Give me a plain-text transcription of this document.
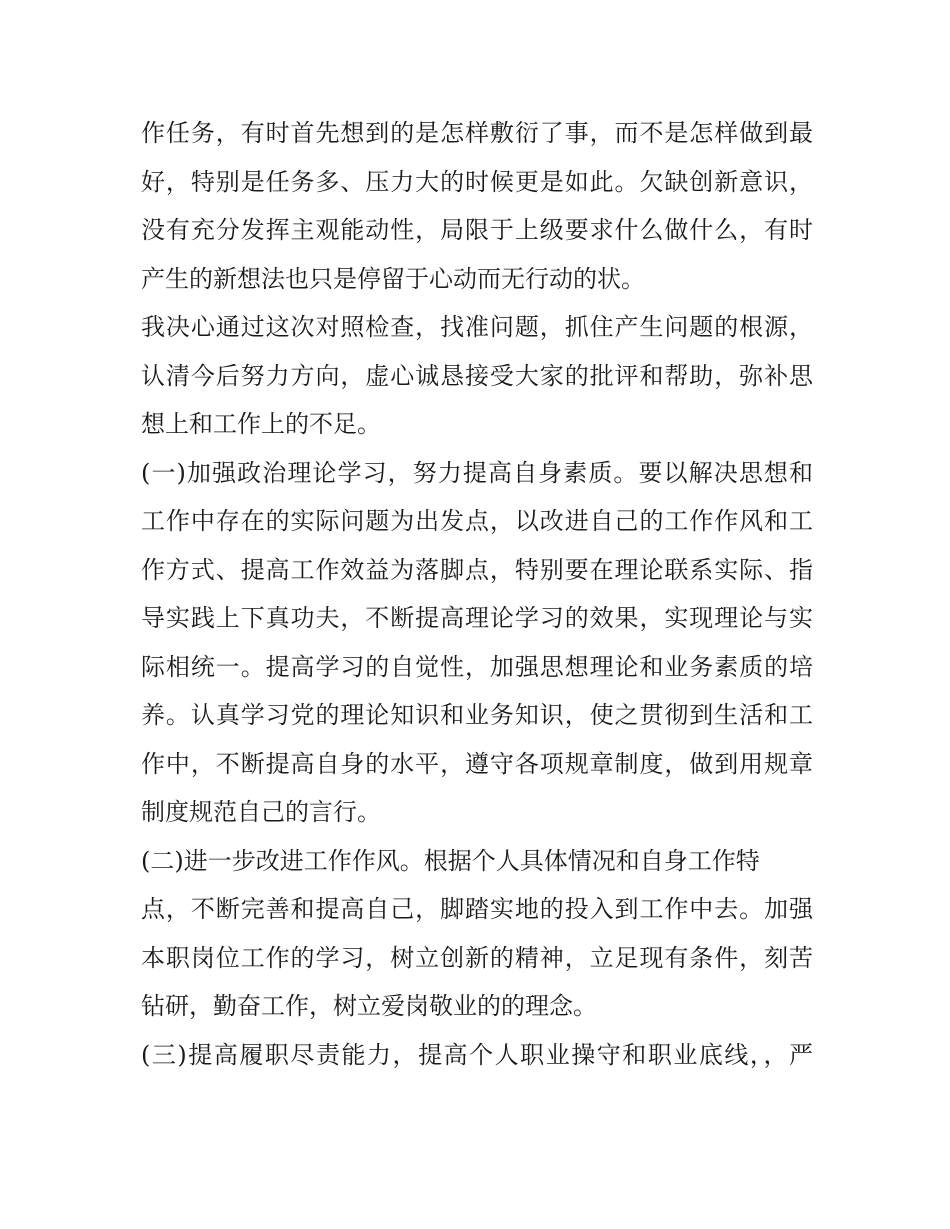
作任务，有时首先想到的是怎样敷衍了事，而不是怎样做到最
好，特别是任务多、压力大的时候更是如此。欠缺创新意识，
没有充分发挥主观能动性，局限于上级要求什么做什么，有时
产生的新想法也只是停留于心动而无行动的状。
我决心通过这次对照检查，找准问题，抓住产生问题的根源，
认清今后努力方向，虚心诚恳接受大家的批评和帮助，弥补思
想上和工作上的不足。
(一)加强政治理论学习，努力提高自身素质。要以解决思想和
工作中存在的实际问题为出发点，以改进自己的工作作风和工
作方式、提高工作效益为落脚点，特别要在理论联系实际、指
导实践上下真功夫，不断提高理论学习的效果，实现理论与实
际相统一。提高学习的自觉性，加强思想理论和业务素质的培
养。认真学习党的理论知识和业务知识，使之贯彻到生活和工
作中，不断提高自身的水平，遵守各项规章制度，做到用规章
制度规范自己的言行。
(二)进一步改进工作作风。根据个人具体情况和自身工作特
点，不断完善和提高自己，脚踏实地的投入到工作中去。加强
本职岗位工作的学习，树立创新的精神，立足现有条件，刻苦
钻研，勤奋工作，树立爱岗敬业的的理念。
(三)提高履职尽责能力，提高个人职业操守和职业底线，，严
